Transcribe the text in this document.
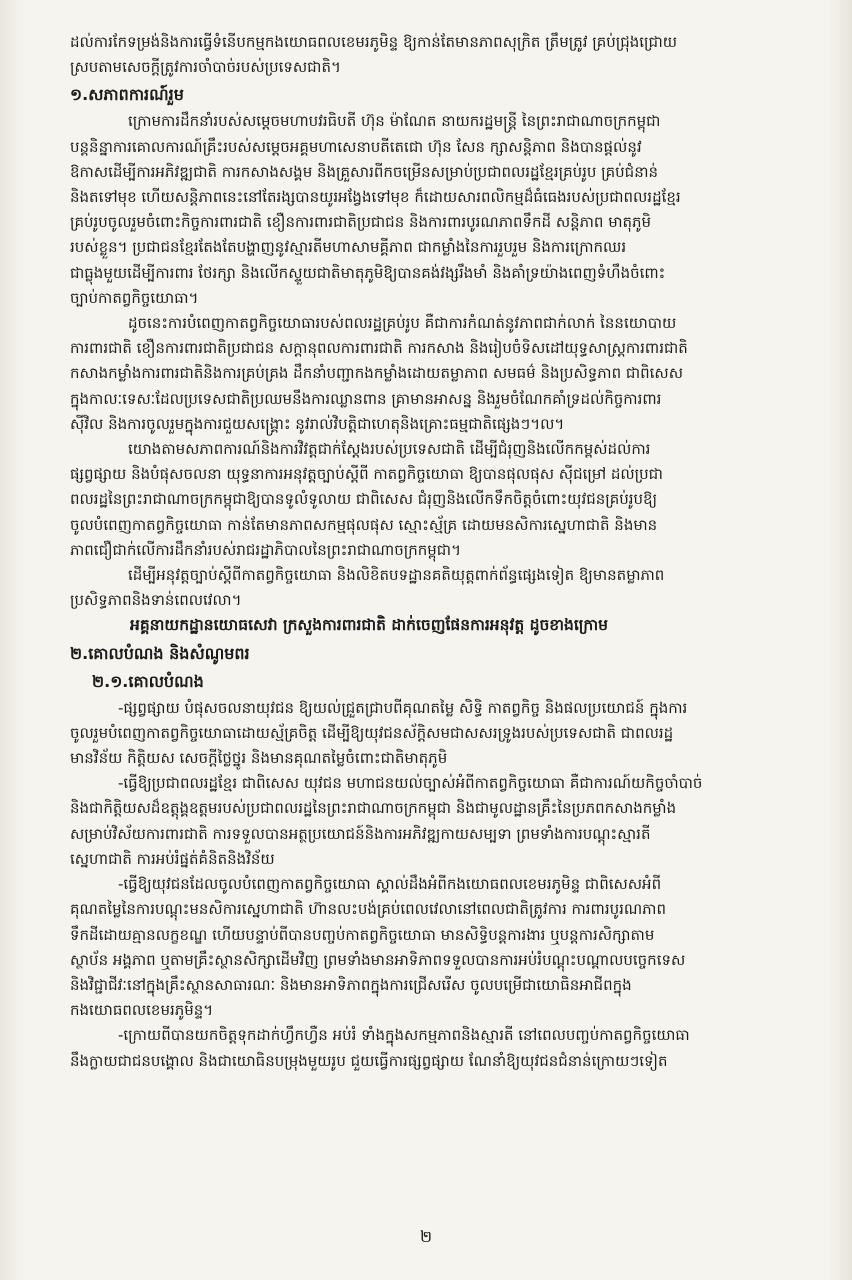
ដល់ការកែទម្រង់និងការធ្វើទំនើបកម្មកងយោធពលខេមរភូមិន្ទ ឱ្យកាន់តែមានភាពសុក្រិត ត្រឹមត្រូវ គ្រប់ជ្រុងជ្រោយ

ស្របតាមសេចក្តីត្រូវការចាំបាច់របស់ប្រទេសជាតិ។

១.សភាពការណ៍រួម

ក្រោមការដឹកនាំរបស់សម្តេចមហាបវរធិបតី ហ៊ុន ម៉ាណែត នាយករដ្ឋមន្ត្រី នៃព្រះរាជាណាចក្រកម្ពុជា

បន្តនិន្នាការគោលការណ៍គ្រឹះរបស់សម្តេចអគ្គមហាសេនាបតីតេជោ ហ៊ុន សែន ក្សាសន្តិភាព និងបានផ្តល់នូវ

ឱកាសដើម្បីការអភិវឌ្ឍជាតិ ការកសាងសង្គម និងគ្រួសារពីកចម្រើនសម្រាប់ប្រជាពលរដ្ឋខ្មែរគ្រប់រូប គ្រប់ជំនាន់

និងតទៅមុខ ហើយសន្តិភាពនេះនៅតែរង្សបានយូរអង្វែងទៅមុខ ក៏ដោយសារពលិកម្មដ៏ធំធេងរបស់ប្រជាពលរដ្ឋខ្មែរ

គ្រប់រូបចូលរួមចំពោះកិច្ចការពារជាតិ ខឿនការពារជាតិប្រជាជន និងការពារបូរណភាពទឹកដី សន្តិភាព មាតុភូមិ

របស់ខ្លួន។ ប្រជាជនខ្មែរតែងតែបង្ហាញនូវស្មារតីមហាសាមគ្គីភាព ជាកម្លាំងនៃការរួបរួម និងការក្រោកឈរ

ជាធ្លុងមួយដើម្បីការពារ ថែរក្សា និងលើកស្ទួយជាតិមាតុភូមិឱ្យបានគង់វង្សរឹងមាំ និងគាំទ្រយ៉ាងពេញទំហឹងចំពោះ

ច្បាប់កាតព្វកិច្ចយោធា។

ដូចនេះការបំពេញកាតព្វកិច្ចយោធារបស់ពលរដ្ឋគ្រប់រូប គឺជាការកំណត់នូវភាពជាក់លាក់ នៃនយោបាយ

ការពារជាតិ ខឿនការពារជាតិប្រជាជន សក្តានុពលការពារជាតិ ការកសាង និងរៀបចំទិសដៅយុទ្ធសាស្ត្រការពារជាតិ

កសាងកម្លាំងការពារជាតិនិងការគ្រប់គ្រង ដឹកនាំបញ្ជាកងកម្លាំងដោយតម្លាភាព សមធម៌ និងប្រសិទ្ធភាព ជាពិសេស

ក្នុងកាលៈទេសៈដែលប្រទេសជាតិប្រឈមនឹងការឈ្លានពាន គ្រាមានអាសន្ន និងរួមចំណែកគាំទ្រដល់កិច្ចការពារ

ស៊ីវិល និងការចូលរួមក្នុងការជួយសង្គ្រោះ នូវរាល់វិបត្តិជាហេតុនិងគ្រោះធម្មជាតិផ្សេងៗ។ល។

យោងតាមសភាពការណ៍និងការវិវត្តជាក់ស្តែងរបស់ប្រទេសជាតិ ដើម្បីជំរុញនិងលើកកម្ពស់ដល់ការ

ផ្សព្វផ្សាយ និងបំផុសចលនា យុទ្ធនាការអនុវត្តច្បាប់ស្តីពី កាតព្វកិច្ចយោធា ឱ្យបានផុលផុស ស៊ីជម្រៅ ដល់ប្រជា

ពលរដ្ឋនៃព្រះរាជាណាចក្រកម្ពុជាឱ្យបានទូលំទូលាយ ជាពិសេស ជំរុញនិងលើកទឹកចិត្តចំពោះយុវជនគ្រប់រូបឱ្យ

ចូលបំពេញកាតព្វកិច្ចយោធា កាន់តែមានភាពសកម្មផុលផុស ស្មោះស្ម័គ្រ ដោយមនសិការស្នេហាជាតិ និងមាន

ភាពជឿជាក់លើការដឹកនាំរបស់រាជរដ្ឋាភិបាលនៃព្រះរាជាណាចក្រកម្ពុជា។

ដើម្បីអនុវត្តច្បាប់ស្តីពីកាតព្វកិច្ចយោធា និងលិខិតបទដ្ឋានគតិយុត្តពាក់ព័ន្ធផ្សេងទៀត ឱ្យមានតម្លាភាព

ប្រសិទ្ធភាពនិងទាន់ពេលវេលា។

អគ្គនាយកដ្ឋានយោធសេវា ក្រសួងការពារជាតិ ដាក់ចេញផែនការអនុវត្ត ដូចខាងក្រោម

២.គោលបំណង និងសំណូមពរ

២.១.គោលបំណង

-ផ្សព្វផ្សាយ បំផុសចលនាយុវជន ឱ្យយល់ជ្រួតជ្រាបពីគុណតម្លៃ សិទ្ធិ កាតព្វកិច្ច និងផលប្រយោជន៍ ក្នុងការ

ចូលរួមបំពេញកាតព្វកិច្ចយោធាដោយស្ម័គ្រចិត្ត ដើម្បីឱ្យយុវជនស័ក្តិសមជាសសរទ្រូងរបស់ប្រទេសជាតិ ជាពលរដ្ឋ

មានវិន័យ កិត្តិយស សេចក្តីថ្លៃថ្នូរ និងមានគុណតម្លៃចំពោះជាតិមាតុភូមិ

-ធ្វើឱ្យប្រជាពលរដ្ឋខ្មែរ ជាពិសេស យុវជន មហាជនយល់ច្បាស់អំពីកាតព្វកិច្ចយោធា គឺជាការណ៍យកិច្ចចាំបាច់

និងជាកិត្តិយសដ៏ឧត្តុង្គឧត្តមរបស់ប្រជាពលរដ្ឋនៃព្រះរាជាណាចក្រកម្ពុជា និងជាមូលដ្ឋានគ្រឹះនៃប្រភពកសាងកម្លាំង

សម្រាប់វិស័យការពារជាតិ ការទទួលបានអត្ថប្រយោជន៍និងការអភិវឌ្ឍកាយសម្បទា ព្រមទាំងការបណ្តុះស្មារតី

ស្នេហាជាតិ ការអប់រំផ្នត់គំនិតនិងវិន័យ

-ធ្វើឱ្យយុវជនដែលចូលបំពេញកាតព្វកិច្ចយោធា ស្គាល់ដឹងអំពីកងយោធពលខេមរភូមិន្ទ ជាពិសេសអំពី

គុណតម្លៃនៃការបណ្តុះមនសិការស្នេហាជាតិ ហ៊ានលះបង់គ្រប់ពេលវេលានៅពេលជាតិត្រូវការ ការពារបូរណភាព

ទឹកដីដោយគ្មានលក្ខខណ្ឌ ហើយបន្ទាប់ពីបានបញ្ចប់កាតព្វកិច្ចយោធា មានសិទ្ធិបន្តការងារ ឬបន្តការសិក្សាតាម

ស្ថាប័ន អង្គភាព ឬតាមគ្រឹះស្ថានសិក្សាដើមវិញ ព្រមទាំងមានអាទិភាពទទួលបានការអប់រំបណ្តុះបណ្តាលបច្ចេកទេស

និងវិជ្ជាជីវៈនៅក្នុងគ្រឹះស្ថានសាធារណៈ និងមានអាទិភាពក្នុងការជ្រើសរើស ចូលបម្រើជាយោធិនអាជីពក្នុង

កងយោធពលខេមរភូមិន្ទ។

-ក្រោយពីបានយកចិត្តទុកដាក់ហ្វឹកហ្វឺន អប់រំ ទាំងក្នុងសកម្មភាពនិងស្មារតី នៅពេលបញ្ចប់កាតព្វកិច្ចយោធា

នឹងក្លាយជាជនបង្គោល និងជាយោធិនបម្រុងមួយរូប ជួយធ្វើការផ្សព្វផ្សាយ ណែនាំឱ្យយុវជនជំនាន់ក្រោយៗទៀត

២
